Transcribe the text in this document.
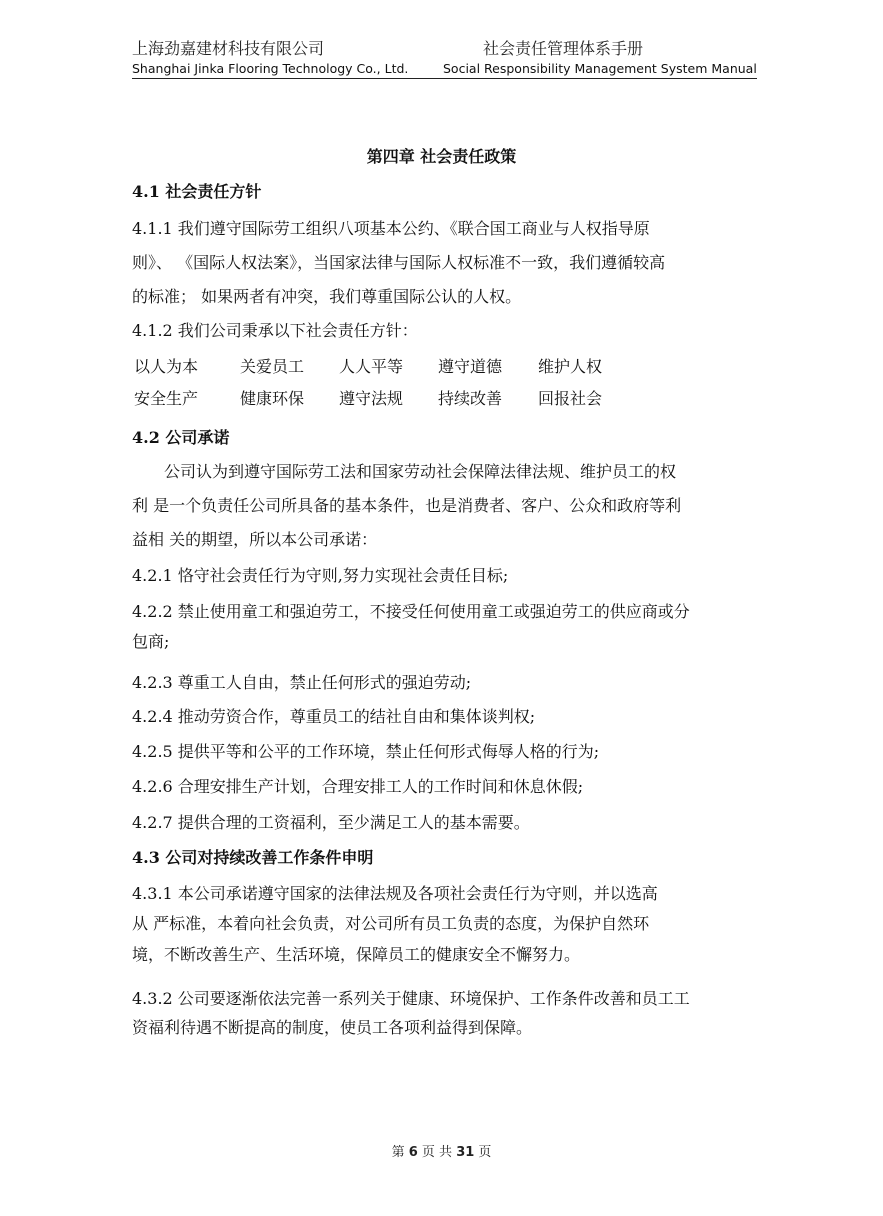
上海劲嘉建材科技有限公司	社会责任管理体系手册
Shanghai Jinka Flooring Technology Co., Ltd.	Social Responsibility Management System Manual
第四章 社会责任政策
4.1 社会责任方针
4.1.1 我们遵守国际劳工组织八项基本公约、《联合国工商业与人权指导原
则》、 《国际人权法案》，当国家法律与国际人权标准不一致，我们遵循较高
的标准； 如果两者有冲突，我们尊重国际公认的人权。
4.1.2 我们公司秉承以下社会责任方针：
以人为本	关爱员工 人人平等 遵守道德 维护人权
安全生产	健康环保 遵守法规 持续改善 回报社会
4.2 公司承诺
公司认为到遵守国际劳工法和国家劳动社会保障法律法规、维护员工的权
利 是一个负责任公司所具备的基本条件，也是消费者、客户、公众和政府等利
益相 关的期望，所以本公司承诺：
4.2.1 恪守社会责任行为守则,努力实现社会责任目标;
4.2.2 禁止使用童工和强迫劳工，不接受任何使用童工或强迫劳工的供应商或分
包商;
4.2.3 尊重工人自由，禁止任何形式的强迫劳动;
4.2.4 推动劳资合作，尊重员工的结社自由和集体谈判权;
4.2.5 提供平等和公平的工作环境，禁止任何形式侮辱人格的行为;
4.2.6 合理安排生产计划，合理安排工人的工作时间和休息休假;
4.2.7 提供合理的工资福利，至少满足工人的基本需要。
4.3 公司对持续改善工作条件申明
4.3.1 本公司承诺遵守国家的法律法规及各项社会责任行为守则，并以选高
从 严标准，本着向社会负责，对公司所有员工负责的态度，为保护自然环
境，不断改善生产、生活环境，保障员工的健康安全不懈努力。
4.3.2 公司要逐渐依法完善一系列关于健康、环境保护、工作条件改善和员工工
资福利待遇不断提高的制度，使员工各项利益得到保障。
第 6 页 共 31 页
